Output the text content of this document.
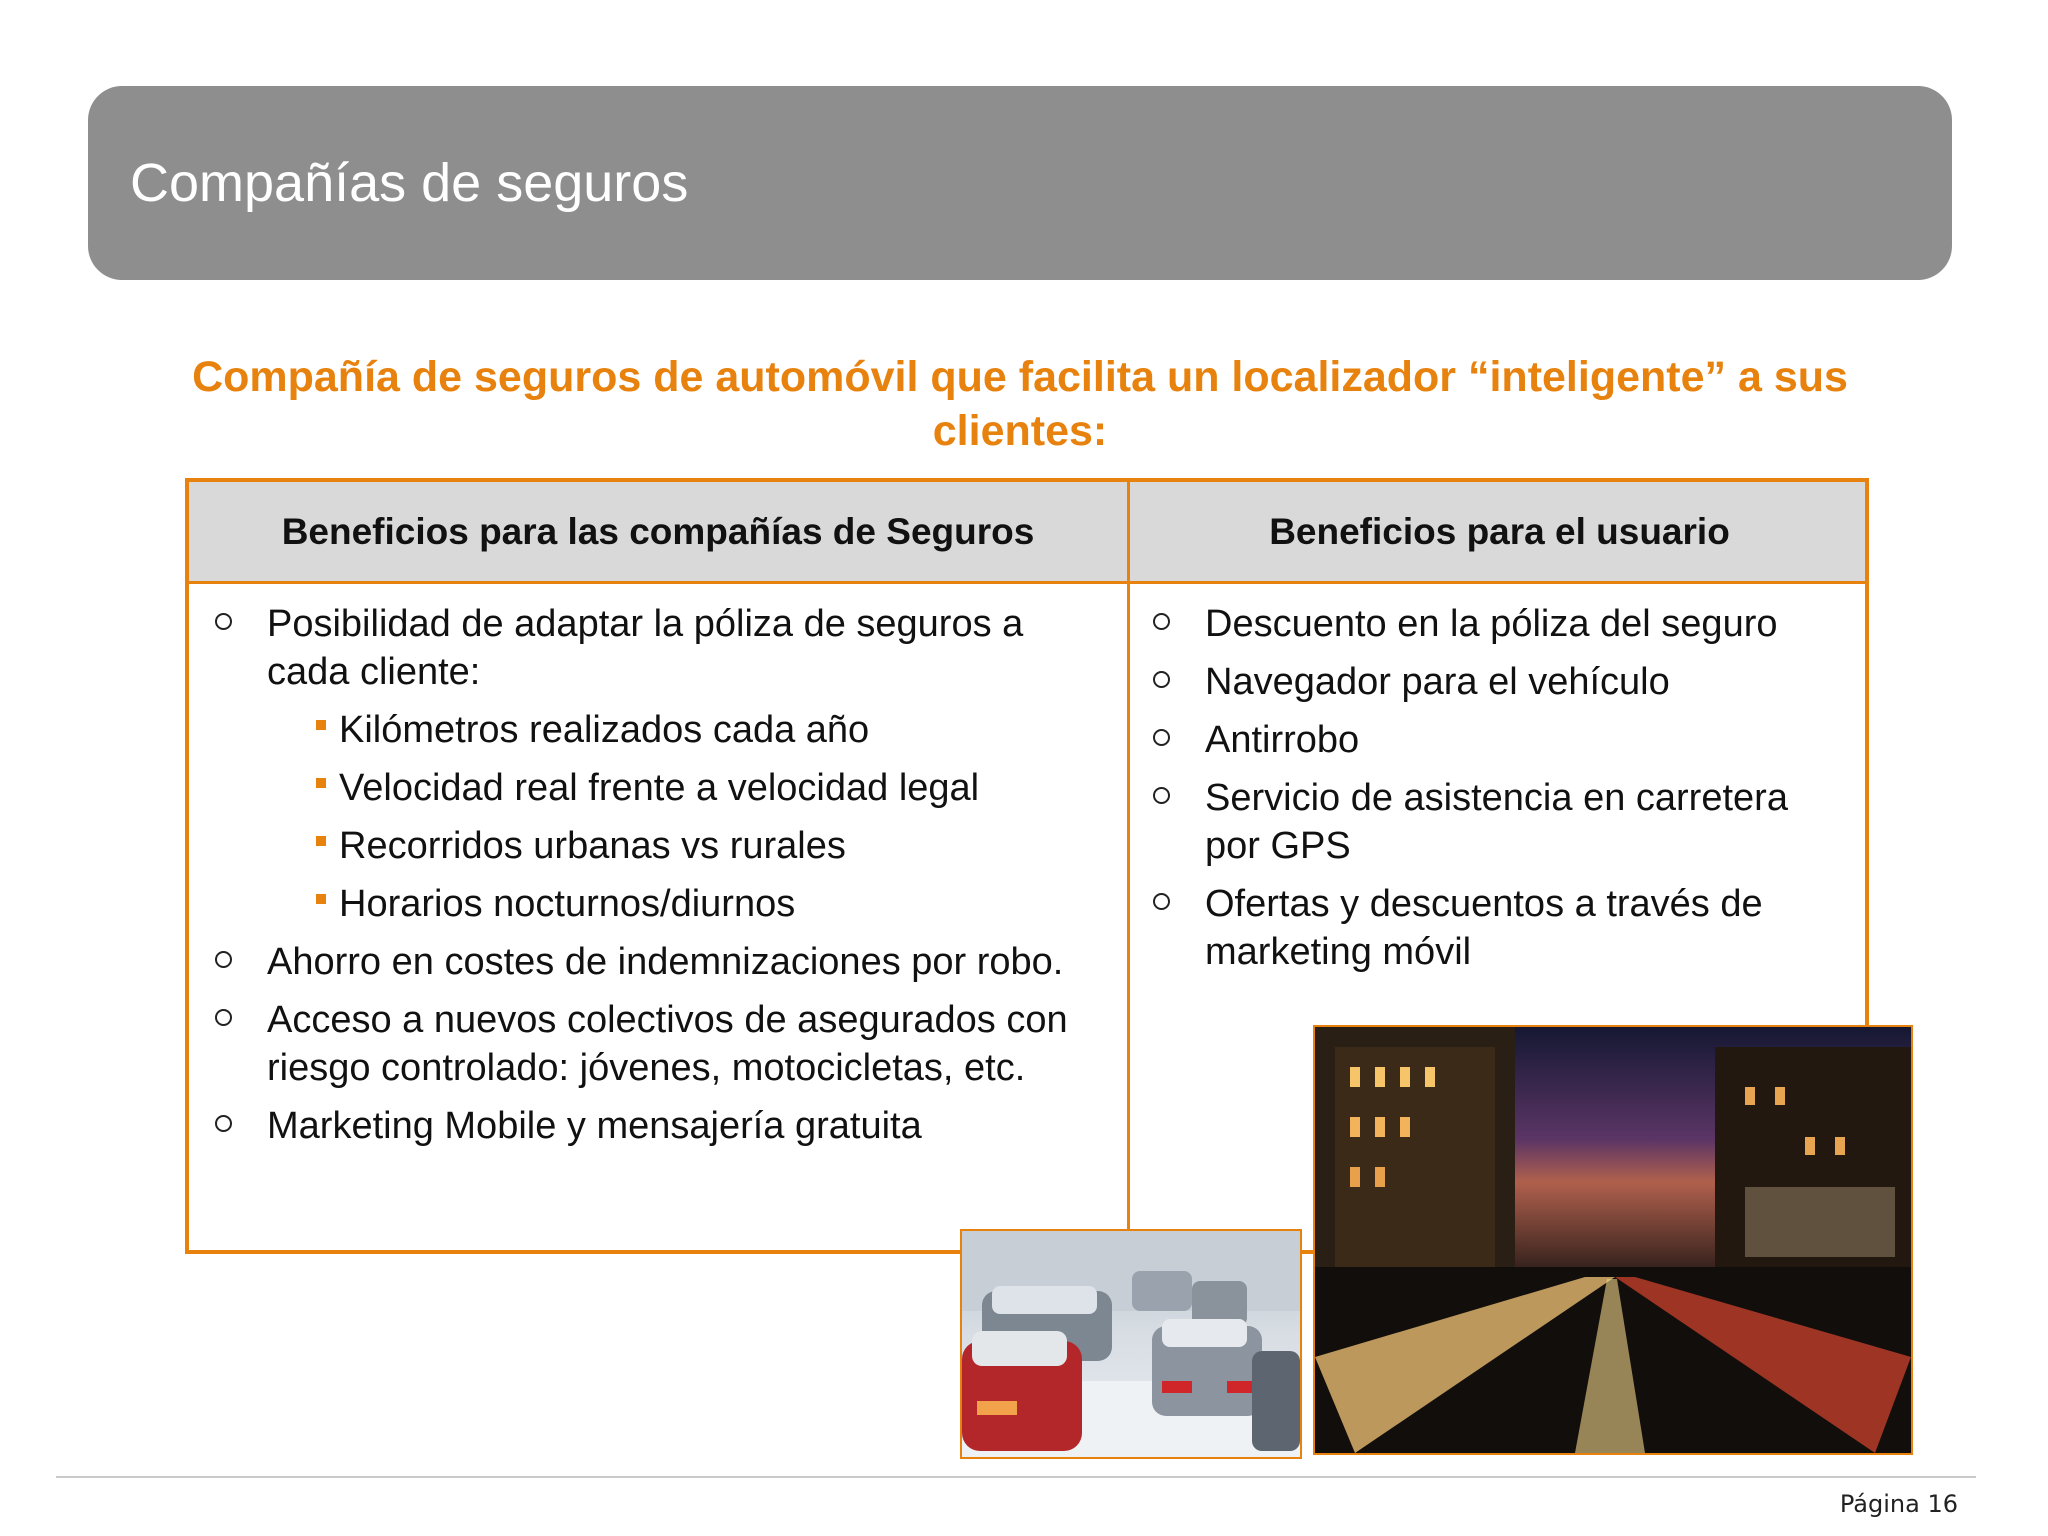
Compañías de seguros
Compañía de seguros de automóvil que facilita un localizador “inteligente” a sus clientes:
Beneficios para las compañías de Seguros	Beneficios para el usuario
Posibilidad de adaptar la póliza de seguros a cada cliente:
Kilómetros realizados cada año
Velocidad real frente a velocidad legal
Recorridos urbanas vs rurales
Horarios nocturnos/diurnos
Ahorro en costes de indemnizaciones por robo.
Acceso a nuevos colectivos de asegurados con riesgo controlado: jóvenes, motocicletas, etc.
Marketing Mobile y mensajería gratuita
Descuento en la póliza del seguro
Navegador para el vehículo
Antirrobo
Servicio de asistencia en carretera por GPS
Ofertas y descuentos a través de marketing móvil
Página 16
